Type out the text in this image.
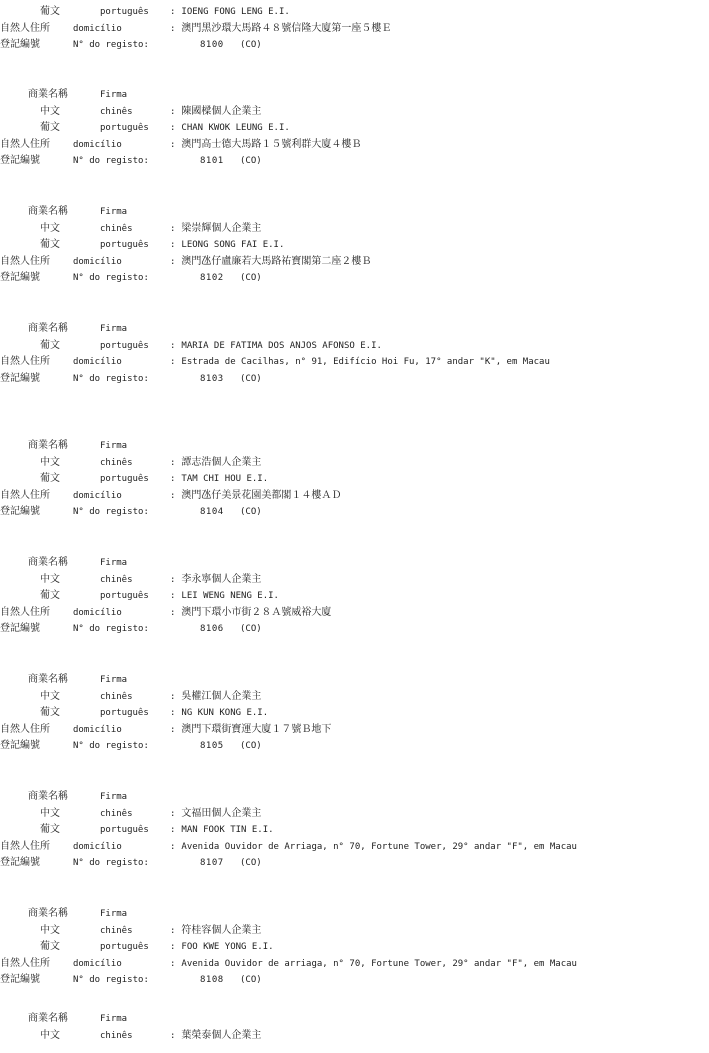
葡文	português : IOENG FONG LENG E.I.
自然人住所	domicílio	: 澳門黑沙環大馬路４８號信隆大廈第一座５樓Ｅ
登記編號	N° do registo:	8100 (CO)
商業名稱	Firma
中文	chinês	: 陳國樑個人企業主
葡文	português : CHAN KWOK LEUNG E.I.
自然人住所	domicílio	: 澳門高士德大馬路１５號利群大廈４樓Ｂ
登記編號	N° do registo:	8101 (CO)
商業名稱	Firma
中文	chinês	: 梁崇輝個人企業主
葡文	português : LEONG SONG FAI E.I.
自然人住所	domicílio	: 澳門氹仔盧廉若大馬路祐寶閣第二座２樓Ｂ
登記編號	N° do registo:	8102 (CO)
商業名稱	Firma
葡文	português : MARIA DE FATIMA DOS ANJOS AFONSO E.I.
自然人住所	domicílio	: Estrada de Cacilhas, n° 91, Edifício Hoi Fu, 17° andar "K", em Macau
登記編號	N° do registo:	8103 (CO)
商業名稱	Firma
中文	chinês	: 譚志浩個人企業主
葡文	português : TAM CHI HOU E.I.
自然人住所	domicílio	: 澳門氹仔美景花園美都閣１４樓ＡＤ
登記編號	N° do registo:	8104 (CO)
商業名稱	Firma
中文	chinês	: 李永寧個人企業主
葡文	português : LEI WENG NENG E.I.
自然人住所	domicílio	: 澳門下環小市街２８Ａ號威裕大廈
登記編號	N° do registo:	8106 (CO)
商業名稱	Firma
中文	chinês	: 吳權江個人企業主
葡文	português : NG KUN KONG E.I.
自然人住所	domicílio	: 澳門下環街寶運大廈１７號Ｂ地下
登記編號	N° do registo:	8105 (CO)
商業名稱	Firma
中文	chinês	: 文福田個人企業主
葡文	português : MAN FOOK TIN E.I.
自然人住所	domicílio	: Avenida Ouvidor de Arriaga, n° 70, Fortune Tower, 29° andar "F", em Macau
登記編號	N° do registo:	8107 (CO)
商業名稱	Firma
中文	chinês	: 符桂容個人企業主
葡文	português : FOO KWE YONG E.I.
自然人住所	domicílio	: Avenida Ouvidor de arriaga, n° 70, Fortune Tower, 29° andar "F", em Macau
登記編號	N° do registo:	8108 (CO)
商業名稱	Firma
中文	chinês	: 葉榮泰個人企業主
